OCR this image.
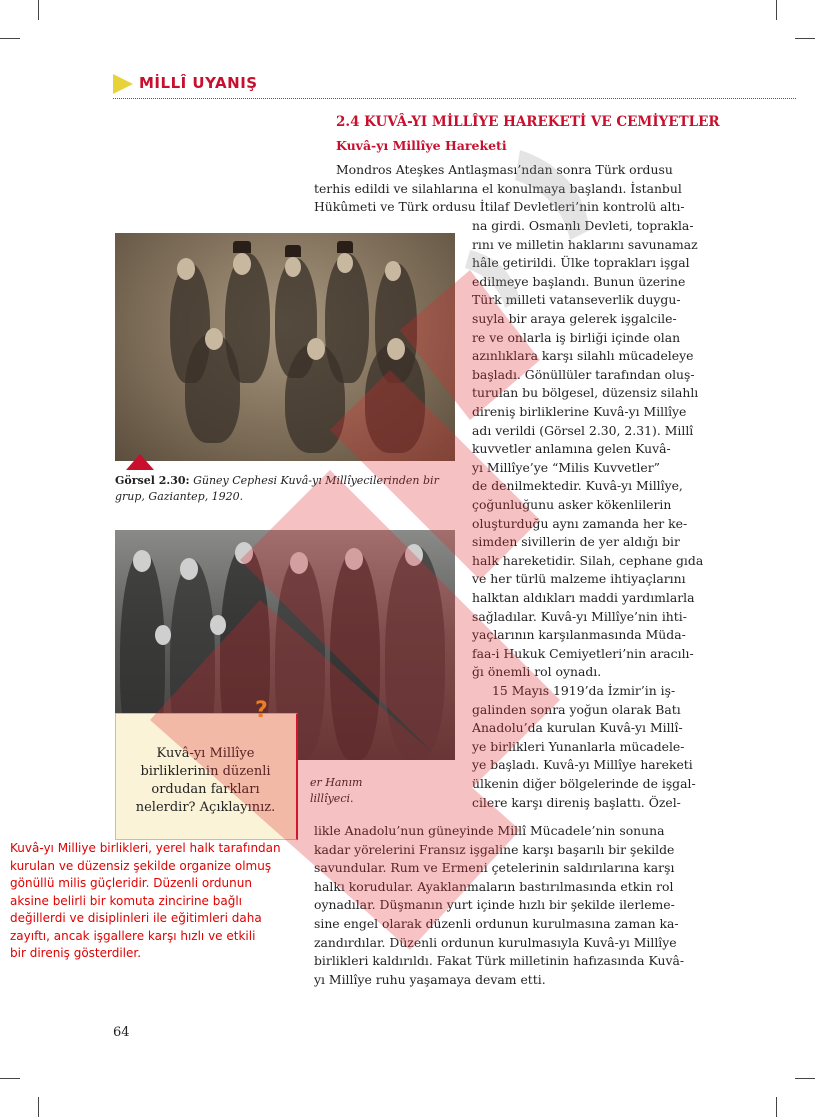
MİLLÎ UYANIŞ
2.4 KUVÂ-YI MİLLÎYE HAREKETİ VE CEMİYETLER
Kuvâ-yı Millîye Hareketi
Mondros Ateşkes Antlaşması’ndan sonra Türk ordusu
terhis edildi ve silahlarına el konulmaya başlandı. İstanbul
Hükûmeti ve Türk ordusu İtilaf Devletleri’nin kontrolü altı-
na girdi. Osmanlı Devleti, toprakla-
rını ve milletin haklarını savunamaz
hâle getirildi. Ülke toprakları işgal
edilmeye başlandı. Bunun üzerine
Türk milleti vatanseverlik duygu-
suyla bir araya gelerek işgalcile-
re ve onlarla iş birliği içinde olan
azınlıklara karşı silahlı mücadeleye
başladı. Gönüllüler tarafından oluş-
turulan bu bölgesel, düzensiz silahlı
direniş birliklerine Kuvâ-yı Millîye
adı verildi (Görsel 2.30, 2.31). Millî
kuvvetler anlamına gelen Kuvâ-
yı Millîye’ye “Milis Kuvvetler”
de denilmektedir. Kuvâ-yı Millîye,
çoğunluğunu asker kökenlilerin
oluşturduğu aynı zamanda her ke-
simden sivillerin de yer aldığı bir
halk hareketidir. Silah, cephane gıda
ve her türlü malzeme ihtiyaçlarını
halktan aldıkları maddi yardımlarla
sağladılar. Kuvâ-yı Millîye’nin ihti-
yaçlarının karşılanmasında Müda-
faa-i Hukuk Cemiyetleri’nin aracılı-
ğı önemli rol oynadı.
15 Mayıs 1919’da İzmir’in iş-
galinden sonra yoğun olarak Batı
Anadolu’da kurulan Kuvâ-yı Millî-
ye birlikleri Yunanlarla mücadele-
ye başladı. Kuvâ-yı Millîye hareketi
ülkenin diğer bölgelerinde de işgal-
cilere karşı direniş başlattı. Özel-
likle Anadolu’nun güneyinde Millî Mücadele’nin sonuna
kadar yörelerini Fransız işgaline karşı başarılı bir şekilde
savundular. Rum ve Ermeni çetelerinin saldırılarına karşı
halkı korudular. Ayaklanmaların bastırılmasında etkin rol
oynadılar. Düşmanın yurt içinde hızlı bir şekilde ilerleme-
sine engel olarak düzenli ordunun kurulmasına zaman ka-
zandırdılar. Düzenli ordunun kurulmasıyla Kuvâ-yı Millîye
birlikleri kaldırıldı. Fakat Türk milletinin hafızasında Kuvâ-
yı Millîye ruhu yaşamaya devam etti.
Görsel 2.30: Güney Cephesi Kuvâ-yı Millîyecilerinden bir grup, Gaziantep, 1920.
er Hanım
lillîyeci.
?
Kuvâ-yı Millîye birliklerinin düzenli ordudan farkları nelerdir? Açıklayınız.
Kuvâ-yı Milliye birlikleri, yerel halk tarafından
kurulan ve düzensiz şekilde organize olmuş
gönüllü milis güçleridir. Düzenli ordunun
aksine belirli bir komuta zincirine bağlı
değillerdi ve disiplinleri ile eğitimleri daha
zayıftı, ancak işgallere karşı hızlı ve etkili
bir direniş gösterdiler.
64
